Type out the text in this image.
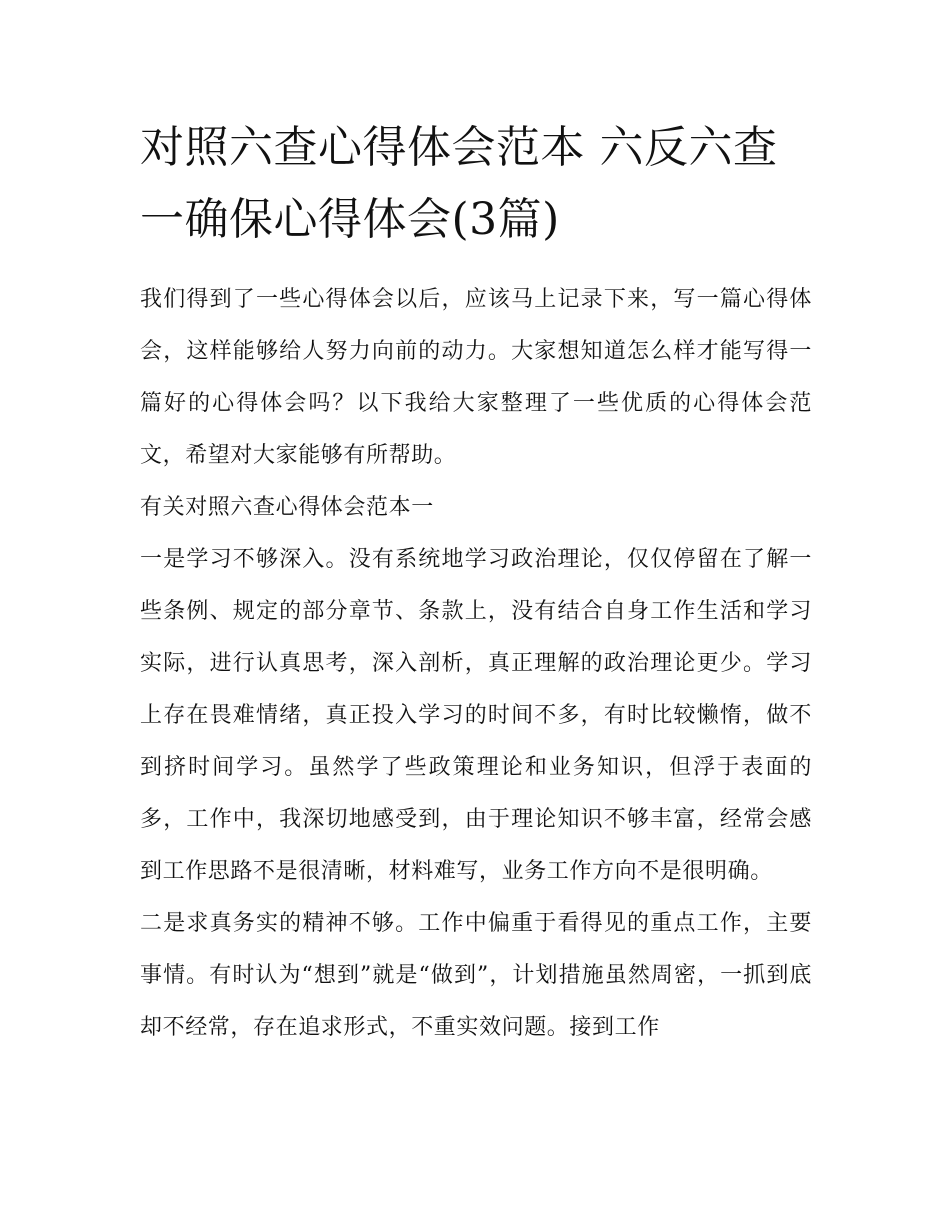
对照六查心得体会范本 六反六查一确保心得体会(3篇)

我们得到了一些心得体会以后，应该马上记录下来，写一篇心得体会，这样能够给人努力向前的动力。大家想知道怎么样才能写得一篇好的心得体会吗？以下我给大家整理了一些优质的心得体会范文，希望对大家能够有所帮助。

有关对照六查心得体会范本一

一是学习不够深入。没有系统地学习政治理论，仅仅停留在了解一些条例、规定的部分章节、条款上，没有结合自身工作生活和学习实际，进行认真思考，深入剖析，真正理解的政治理论更少。学习上存在畏难情绪，真正投入学习的时间不多，有时比较懒惰，做不到挤时间学习。虽然学了些政策理论和业务知识，但浮于表面的多，工作中，我深切地感受到，由于理论知识不够丰富，经常会感到工作思路不是很清晰，材料难写，业务工作方向不是很明确。

二是求真务实的精神不够。工作中偏重于看得见的重点工作，主要事情。有时认为“想到”就是“做到”，计划措施虽然周密，一抓到底却不经常，存在追求形式，不重实效问题。接到工作
